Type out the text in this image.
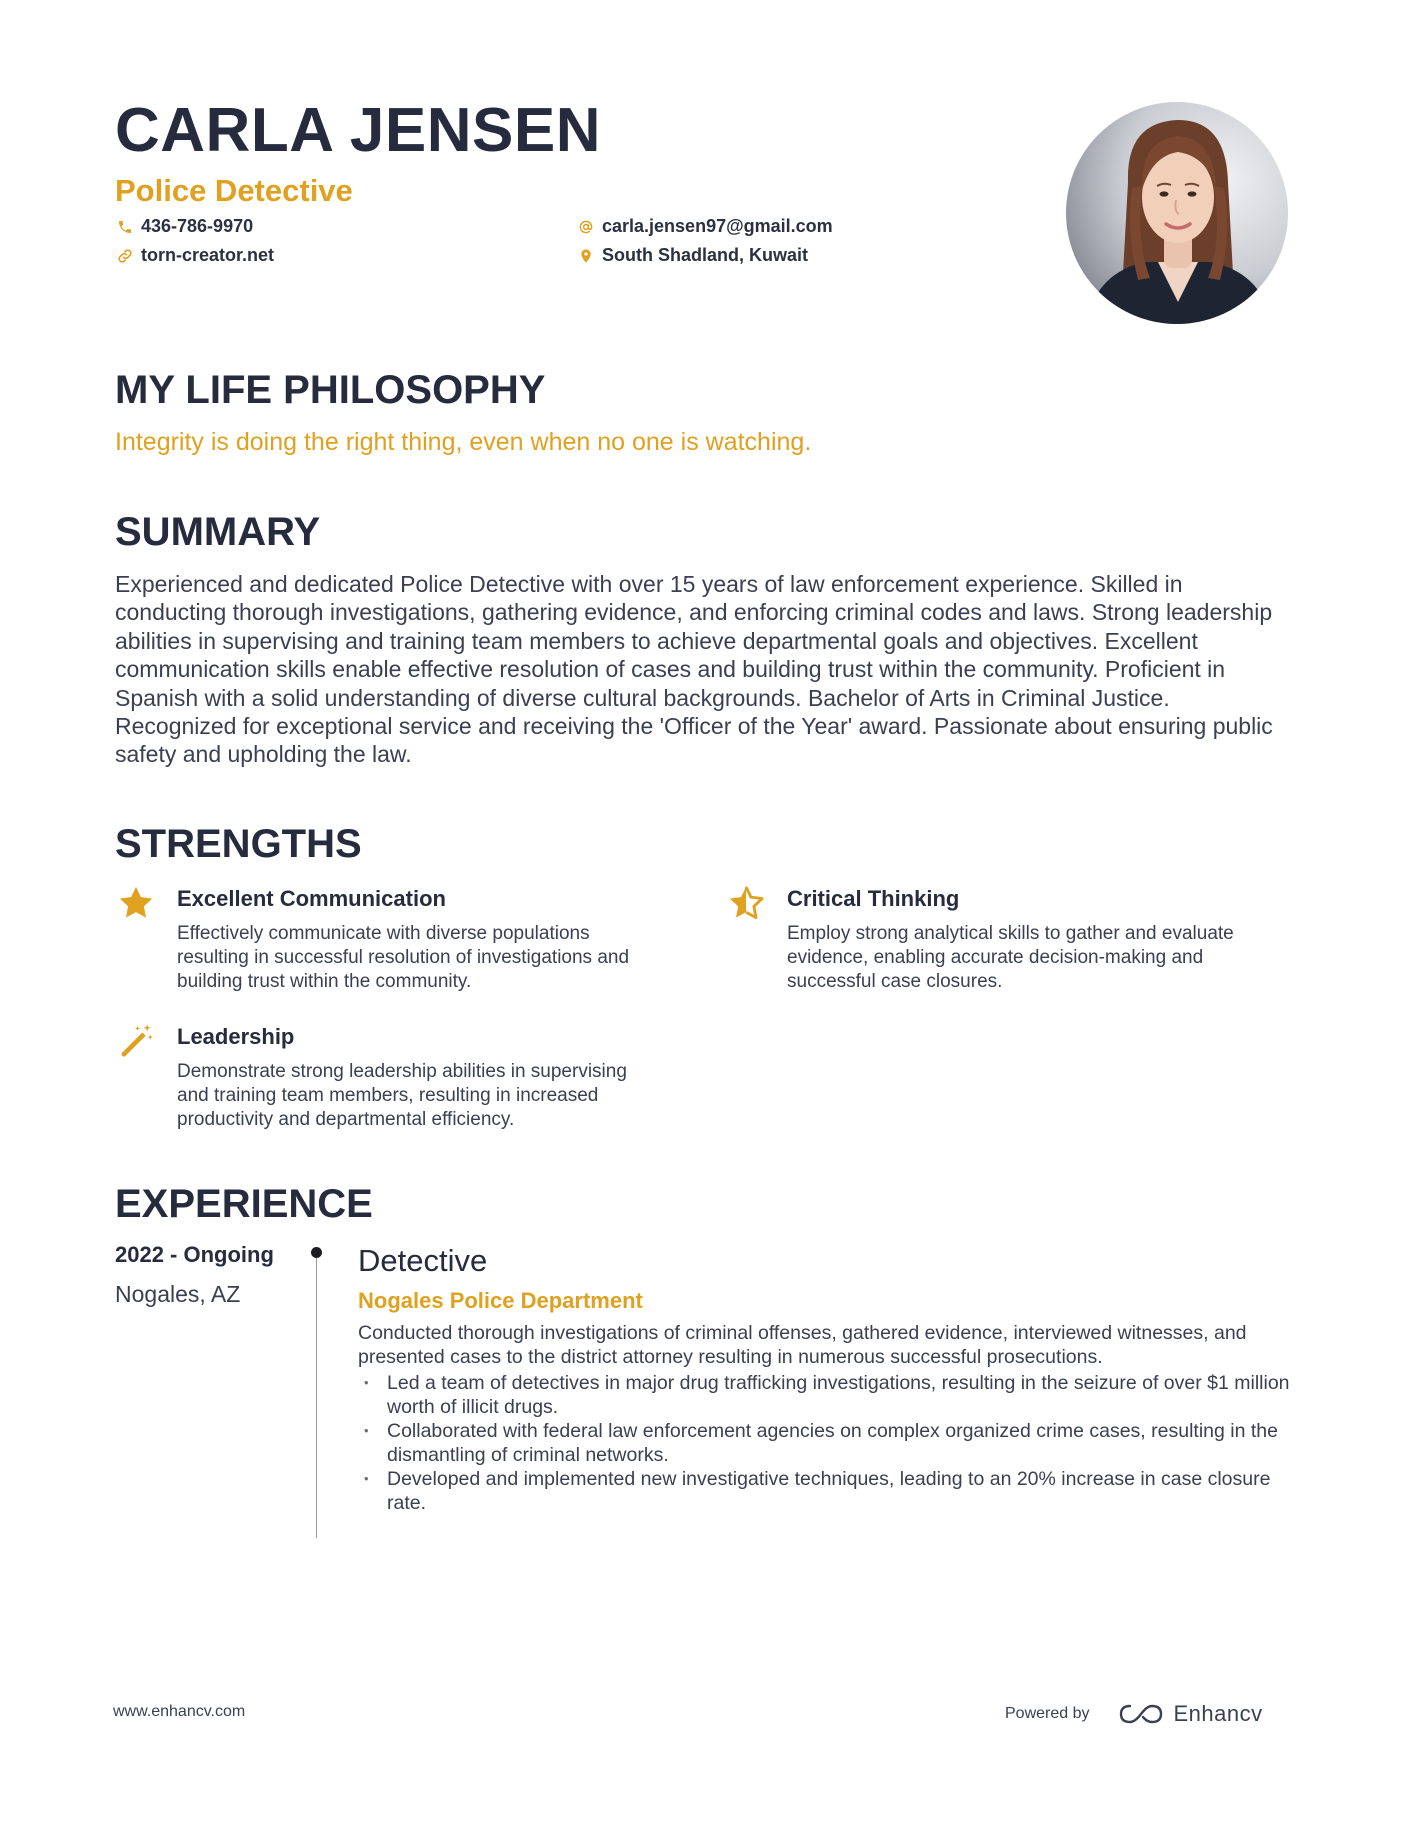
CARLA JENSEN
Police Detective
436-786-9970
torn-creator.net
carla.jensen97@gmail.com
South Shadland, Kuwait
MY LIFE PHILOSOPHY

Integrity is doing the right thing, even when no one is watching.

SUMMARY

Experienced and dedicated Police Detective with over 15 years of law enforcement experience. Skilled in conducting thorough investigations, gathering evidence, and enforcing criminal codes and laws. Strong leadership abilities in supervising and training team members to achieve departmental goals and objectives. Excellent communication skills enable effective resolution of cases and building trust within the community. Proficient in Spanish with a solid understanding of diverse cultural backgrounds. Bachelor of Arts in Criminal Justice. Recognized for exceptional service and receiving the 'Officer of the Year' award. Passionate about ensuring public safety and upholding the law.

STRENGTHS
Excellent Communication

Effectively communicate with diverse populations resulting in successful resolution of investigations and building trust within the community.

Critical Thinking

Employ strong analytical skills to gather and evaluate evidence, enabling accurate decision-making and successful case closures.

Leadership

Demonstrate strong leadership abilities in supervising and training team members, resulting in increased productivity and departmental efficiency.

EXPERIENCE

2022 - Ongoing

Nogales, AZ

Detective

Nogales Police Department

Conducted thorough investigations of criminal offenses, gathered evidence, interviewed witnesses, and presented cases to the district attorney resulting in numerous successful prosecutions.

• Led a team of detectives in major drug trafficking investigations, resulting in the seizure of over $1 million worth of illicit drugs.
• Collaborated with federal law enforcement agencies on complex organized crime cases, resulting in the dismantling of criminal networks.
• Developed and implemented new investigative techniques, leading to an 20% increase in case closure rate.
www.enhancv.com	Powered by	Enhancv
